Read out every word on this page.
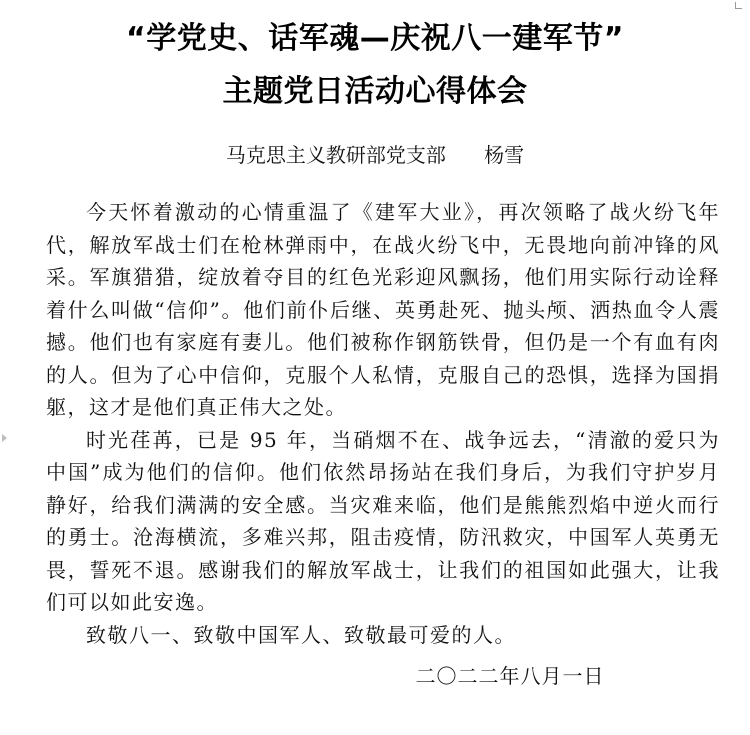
“学党史、话军魂—庆祝八一建军节”
主题党日活动心得体会
马克思主义教研部党支部      杨雪

今天怀着激动的心情重温了《建军大业》，再次领略了战火纷飞年代，解放军战士们在枪林弹雨中，在战火纷飞中，无畏地向前冲锋的风采。军旗猎猎，绽放着夺目的红色光彩迎风飘扬，他们用实际行动诠释着什么叫做“信仰”。他们前仆后继、英勇赴死、抛头颅、洒热血令人震撼。他们也有家庭有妻儿。他们被称作钢筋铁骨，但仍是一个有血有肉的人。但为了心中信仰，克服个人私情，克服自己的恐惧，选择为国捐躯，这才是他们真正伟大之处。

时光荏苒，已是 95 年，当硝烟不在、战争远去，“清澈的爱只为中国”成为他们的信仰。他们依然昂扬站在我们身后，为我们守护岁月静好，给我们满满的安全感。当灾难来临，他们是熊熊烈焰中逆火而行的勇士。沧海横流，多难兴邦，阻击疫情，防汛救灾，中国军人英勇无畏，誓死不退。感谢我们的解放军战士，让我们的祖国如此强大，让我们可以如此安逸。

致敬八一、致敬中国军人、致敬最可爱的人。

二〇二二年八月一日
